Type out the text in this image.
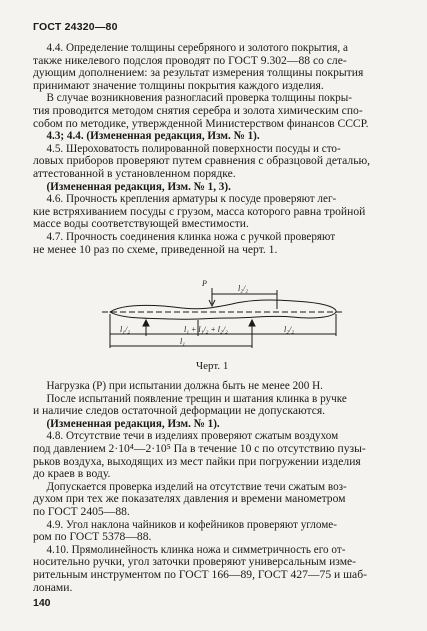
ГОСТ 24320—80
4.4. Определение толщины серебряного и золотого покрытия, а
также никелевого подслоя проводят по ГОСТ 9.302—88 со сле-
дующим дополнением: за результат измерения толщины покрытия
принимают значение толщины покрытия каждого изделия.
В случае возникновения разногласий проверка толщины покры-
тия проводится методом снятия серебра и золота химическим спо-
собом по методике, утвержденной Министерством финансов СССР.
4.3; 4.4. (Измененная редакция, Изм. № 1).
4.5. Шероховатость полированной поверхности посуды и сто-
ловых приборов проверяют путем сравнения с образцовой деталью,
аттестованной в установленном порядке.
(Измененная редакция, Изм. № 1, 3).
4.6. Прочность крепления арматуры к посуде проверяют лег-
кие встряхиванием посуды с грузом, масса которого равна тройной
массе воды соответствующей вместимости.
4.7. Прочность соединения клинка ножа с ручкой проверяют
не менее 10 раз по схеме, приведенной на черт. 1.
P
l₂/₂
l₁/₂	l₁ + l₁/₂ + l₂/₂	l₂/₂
l₁
Черт. 1
Нагрузка (P) при испытании должна быть не менее 200 Н.
После испытаний появление трещин и шатания клинка в ручке
и наличие следов остаточной деформации не допускаются.
(Измененная редакция, Изм. № 1).
4.8. Отсутствие течи в изделиях проверяют сжатым воздухом
под давлением 2·10⁴—2·10⁵ Па в течение 10 с по отсутствию пузы-
рьков воздуха, выходящих из мест пайки при погружении изделия
до краев в воду.
Допускается проверка изделий на отсутствие течи сжатым воз-
духом при тех же показателях давления и времени манометром
по ГОСТ 2405—88.
4.9. Угол наклона чайников и кофейников проверяют угломе-
ром по ГОСТ 5378—88.
4.10. Прямолинейность клинка ножа и симметричность его от-
носительно ручки, угол заточки проверяют универсальным изме-
рительным инструментом по ГОСТ 166—89, ГОСТ 427—75 и шаб-
лонами.
140
